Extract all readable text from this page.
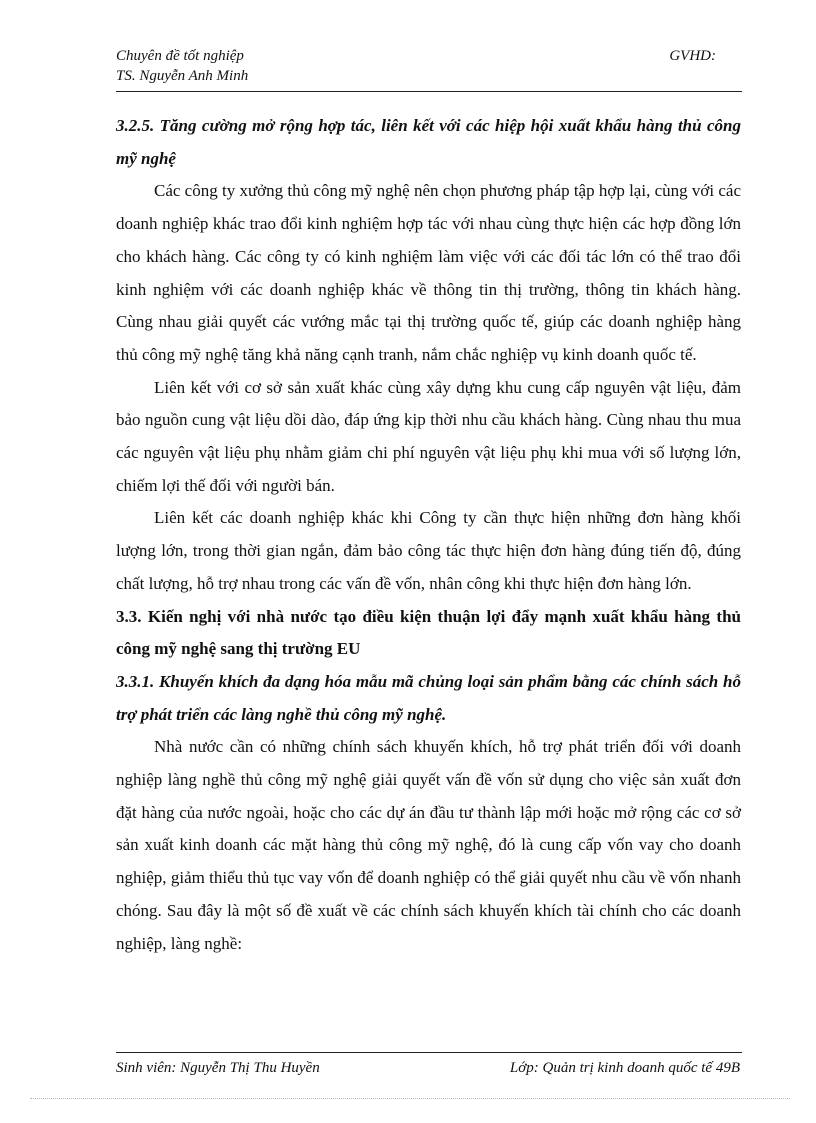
Chuyên đề tốt nghiệp	GVHD:
TS. Nguyễn Anh Minh

3.2.5. Tăng cường mở rộng hợp tác, liên kết với các hiệp hội xuất khẩu hàng thủ công mỹ nghệ

Các công ty xưởng thủ công mỹ nghệ nên chọn phương pháp tập hợp lại, cùng với các doanh nghiệp khác trao đổi kinh nghiệm hợp tác với nhau cùng thực hiện các hợp đồng lớn cho khách hàng. Các công ty có kinh nghiệm làm việc với các đối tác lớn có thể trao đổi kinh nghiệm với các doanh nghiệp khác về thông tin thị trường, thông tin khách hàng. Cùng nhau giải quyết các vướng mắc tại thị trường quốc tế, giúp các doanh nghiệp hàng thủ công mỹ nghệ tăng khả năng cạnh tranh, nắm chắc nghiệp vụ kinh doanh quốc tế.

Liên kết với cơ sở sản xuất khác cùng xây dựng khu cung cấp nguyên vật liệu, đảm bảo nguồn cung vật liệu dồi dào, đáp ứng kịp thời nhu cầu khách hàng. Cùng nhau thu mua các nguyên vật liệu phụ nhằm giảm chi phí nguyên vật liệu phụ khi mua với số lượng lớn, chiếm lợi thế đối với người bán.

Liên kết các doanh nghiệp khác khi Công ty cần thực hiện những đơn hàng khối lượng lớn, trong thời gian ngắn, đảm bảo công tác thực hiện đơn hàng đúng tiến độ, đúng chất lượng, hỗ trợ nhau trong các vấn đề vốn, nhân công khi thực hiện đơn hàng lớn.

3.3. Kiến nghị với nhà nước tạo điều kiện thuận lợi đẩy mạnh xuất khẩu hàng thủ công mỹ nghệ sang thị trường EU

3.3.1. Khuyến khích đa dạng hóa mẫu mã chủng loại sản phẩm bằng các chính sách hỗ trợ phát triển các làng nghề thủ công mỹ nghệ.

Nhà nước cần có những chính sách khuyến khích, hỗ trợ phát triển đối với doanh nghiệp làng nghề thủ công mỹ nghệ giải quyết vấn đề vốn sử dụng cho việc sản xuất đơn đặt hàng của nước ngoài, hoặc cho các dự án đầu tư thành lập mới hoặc mở rộng các cơ sở sản xuất kinh doanh các mặt hàng thủ công mỹ nghệ, đó là cung cấp vốn vay cho doanh nghiệp, giảm thiểu thủ tục vay vốn để doanh nghiệp có thể giải quyết nhu cầu về vốn nhanh chóng. Sau đây là một số đề xuất về các chính sách khuyến khích tài chính cho các doanh nghiệp, làng nghề:

Sinh viên: Nguyễn Thị Thu Huyền	Lớp: Quản trị kinh doanh quốc tế 49B
